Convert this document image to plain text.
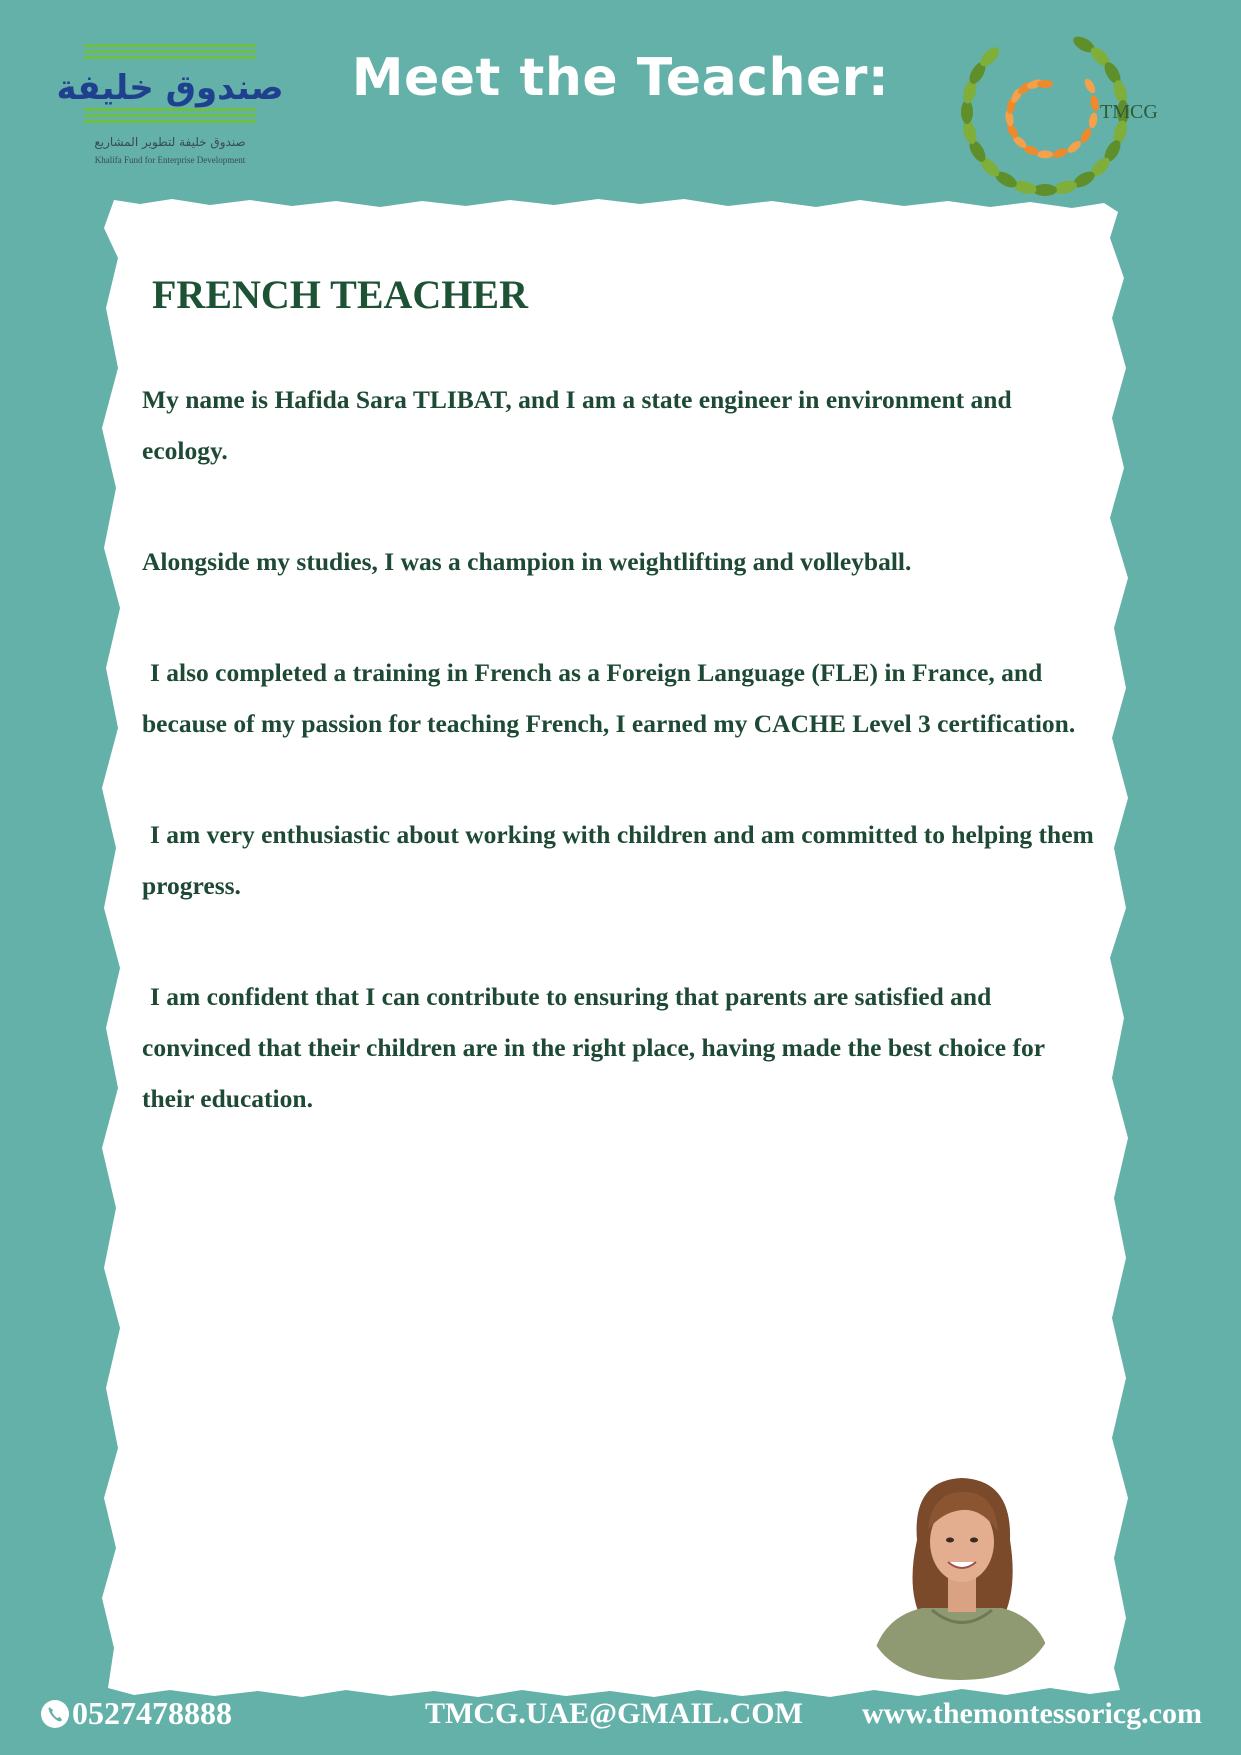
Meet the Teacher:
صندوق خليفة
صندوق خليفة لتطوير المشاريع
Khalifa Fund for Enterprise Development
TMCG
FRENCH TEACHER

My name is Hafida Sara TLIBAT, and I am a state engineer in environment and ecology.

Alongside my studies, I was a champion in weightlifting and volleyball.

I also completed a training in French as a Foreign Language (FLE) in France, and because of my passion for teaching French, I earned my CACHE Level 3 certification.

I am very enthusiastic about working with children and am committed to helping them progress.

I am confident that I can contribute to ensuring that parents are satisfied and convinced that their children are in the right place, having made the best choice for their education.

0527478888	TMCG.UAE@GMAIL.COM www.themontessoricg.com
